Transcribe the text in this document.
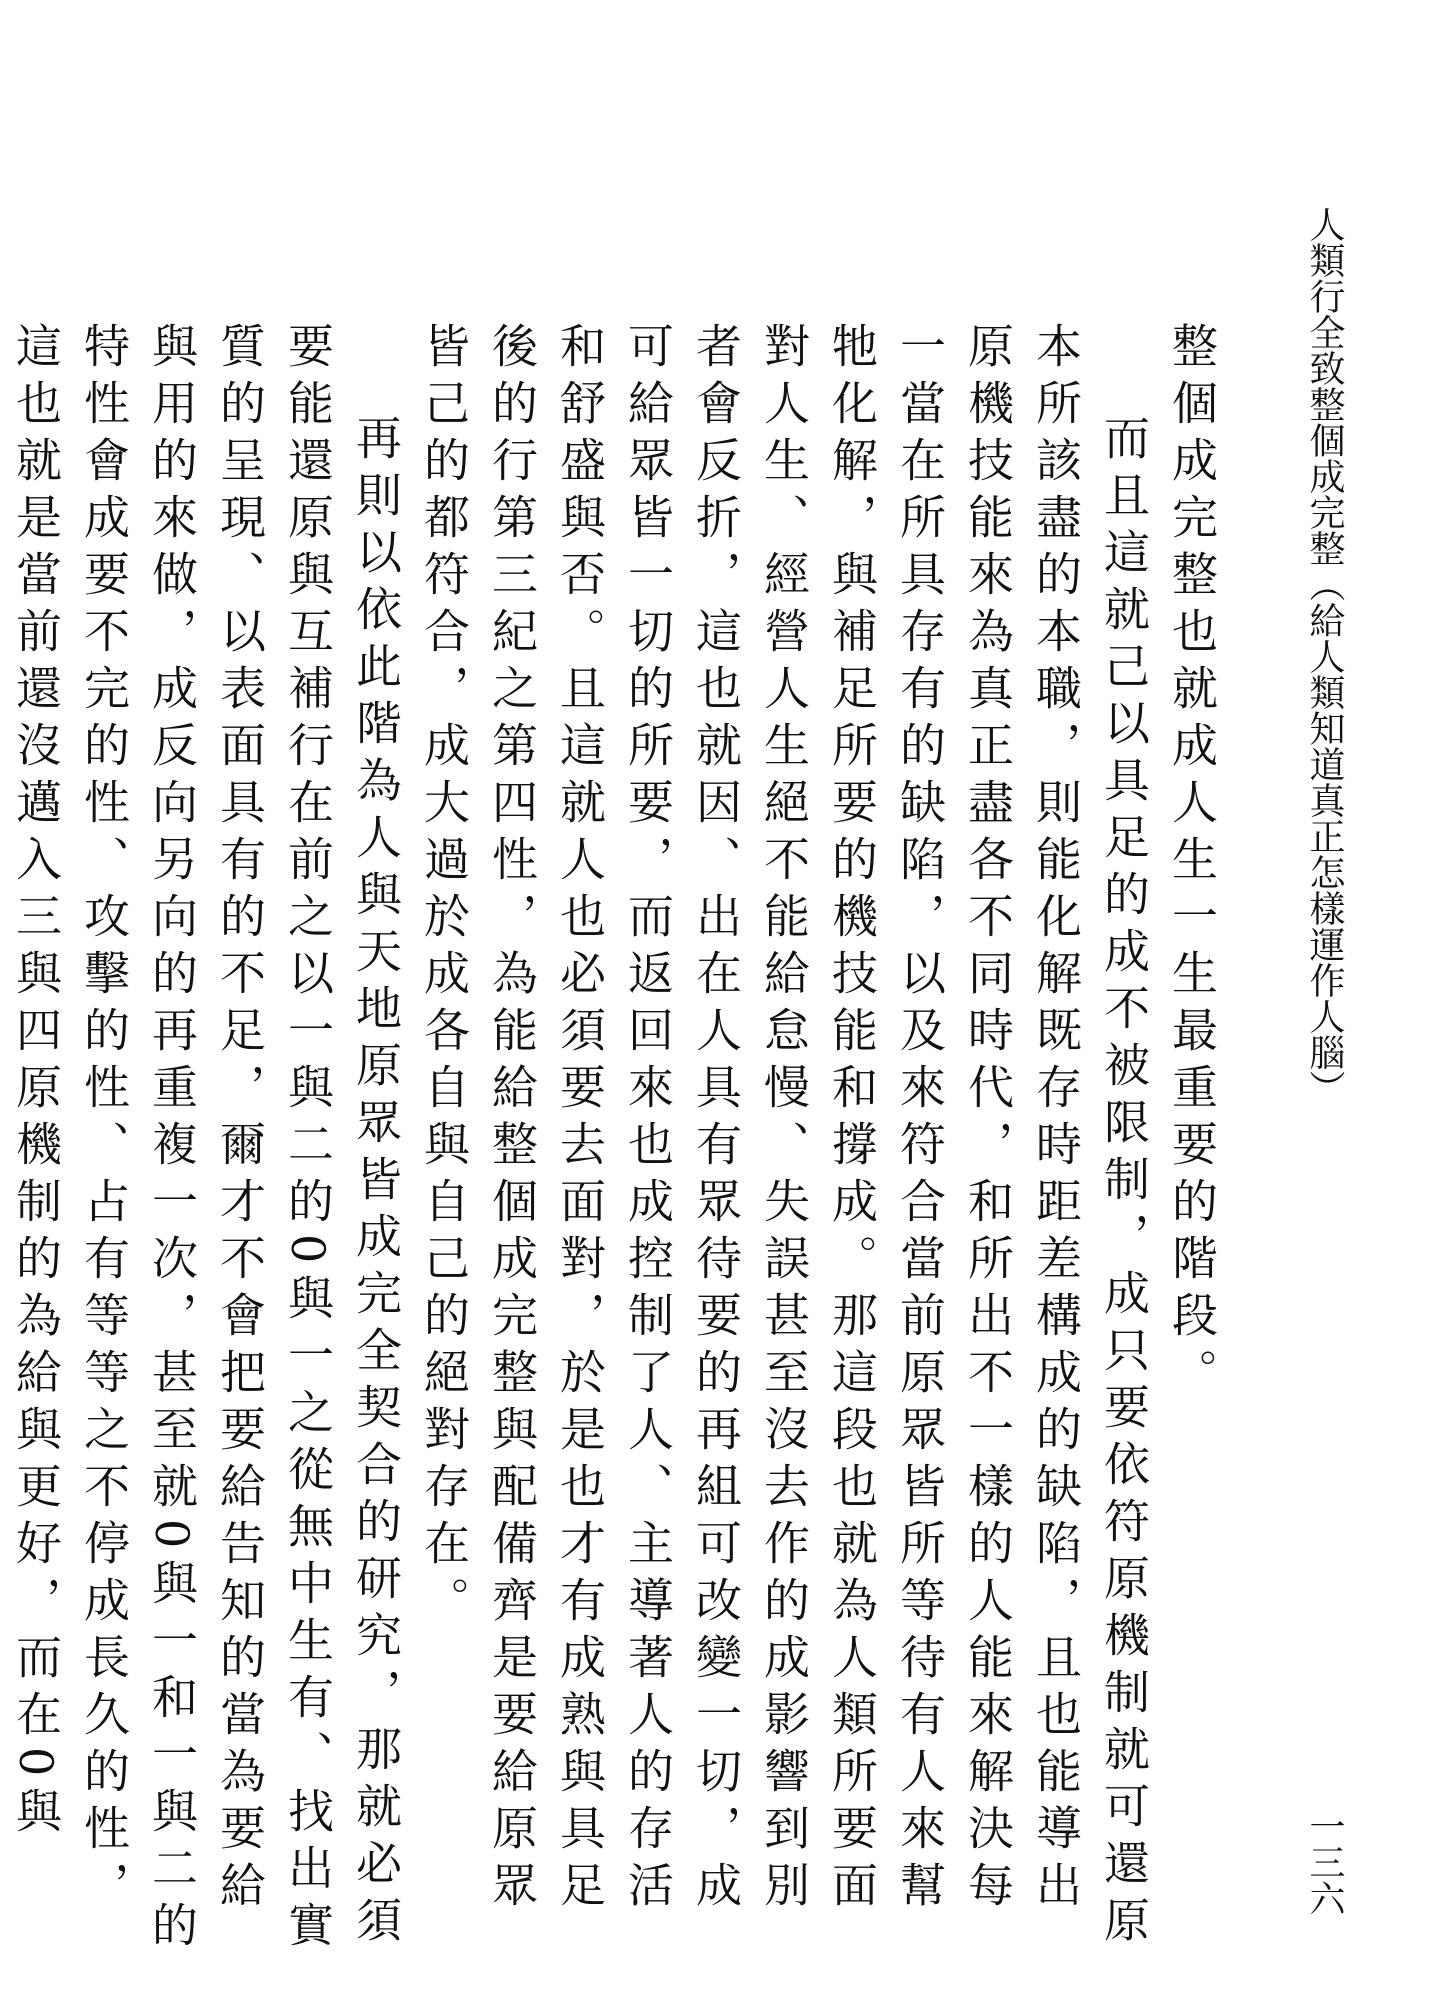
人類行全致整個成完整（給人類知道真正怎樣運作人腦）

整個成完整也就成人生一生最重要的階段。

而且這就己以具足的成不被限制，成只要依符原機制就可還原本所該盡的本職，則能化解既存時距差構成的缺陷，且也能導出原機技能來為真正盡各不同時代，和所出不一樣的人能來解決每一當在所具存有的缺陷，以及來符合當前原眾皆所等待有人來幫牠化解，與補足所要的機技能和撐成。那這段也就為人類所要面對人生、經營人生絕不能給怠慢、失誤甚至沒去作的成影響到別者會反折，這也就因、出在人具有眾待要的再組可改變一切，成可給眾皆一切的所要，而返回來也成控制了人、主導著人的存活和舒盛與否。且這就人也必須要去面對，於是也才有成熟與具足後的行第三紀之第四性，為能給整個成完整與配備齊是要給原眾皆己的都符合，成大過於成各自與自己的絕對存在。

再則以依此階為人與天地原眾皆成完全契合的研究，那就必須要能還原與互補行在前之以一與二的0與一之從無中生有、找出實質的呈現、以表面具有的不足，爾才不會把要給告知的當為要給與用的來做，成反向另向的再重複一次，甚至就0與一和一與二的特性會成要不完的性、攻擊的性、占有等等之不停成長久的性，這也就是當前還沒邁入三與四原機制的為給與更好，而在0與

一三六
